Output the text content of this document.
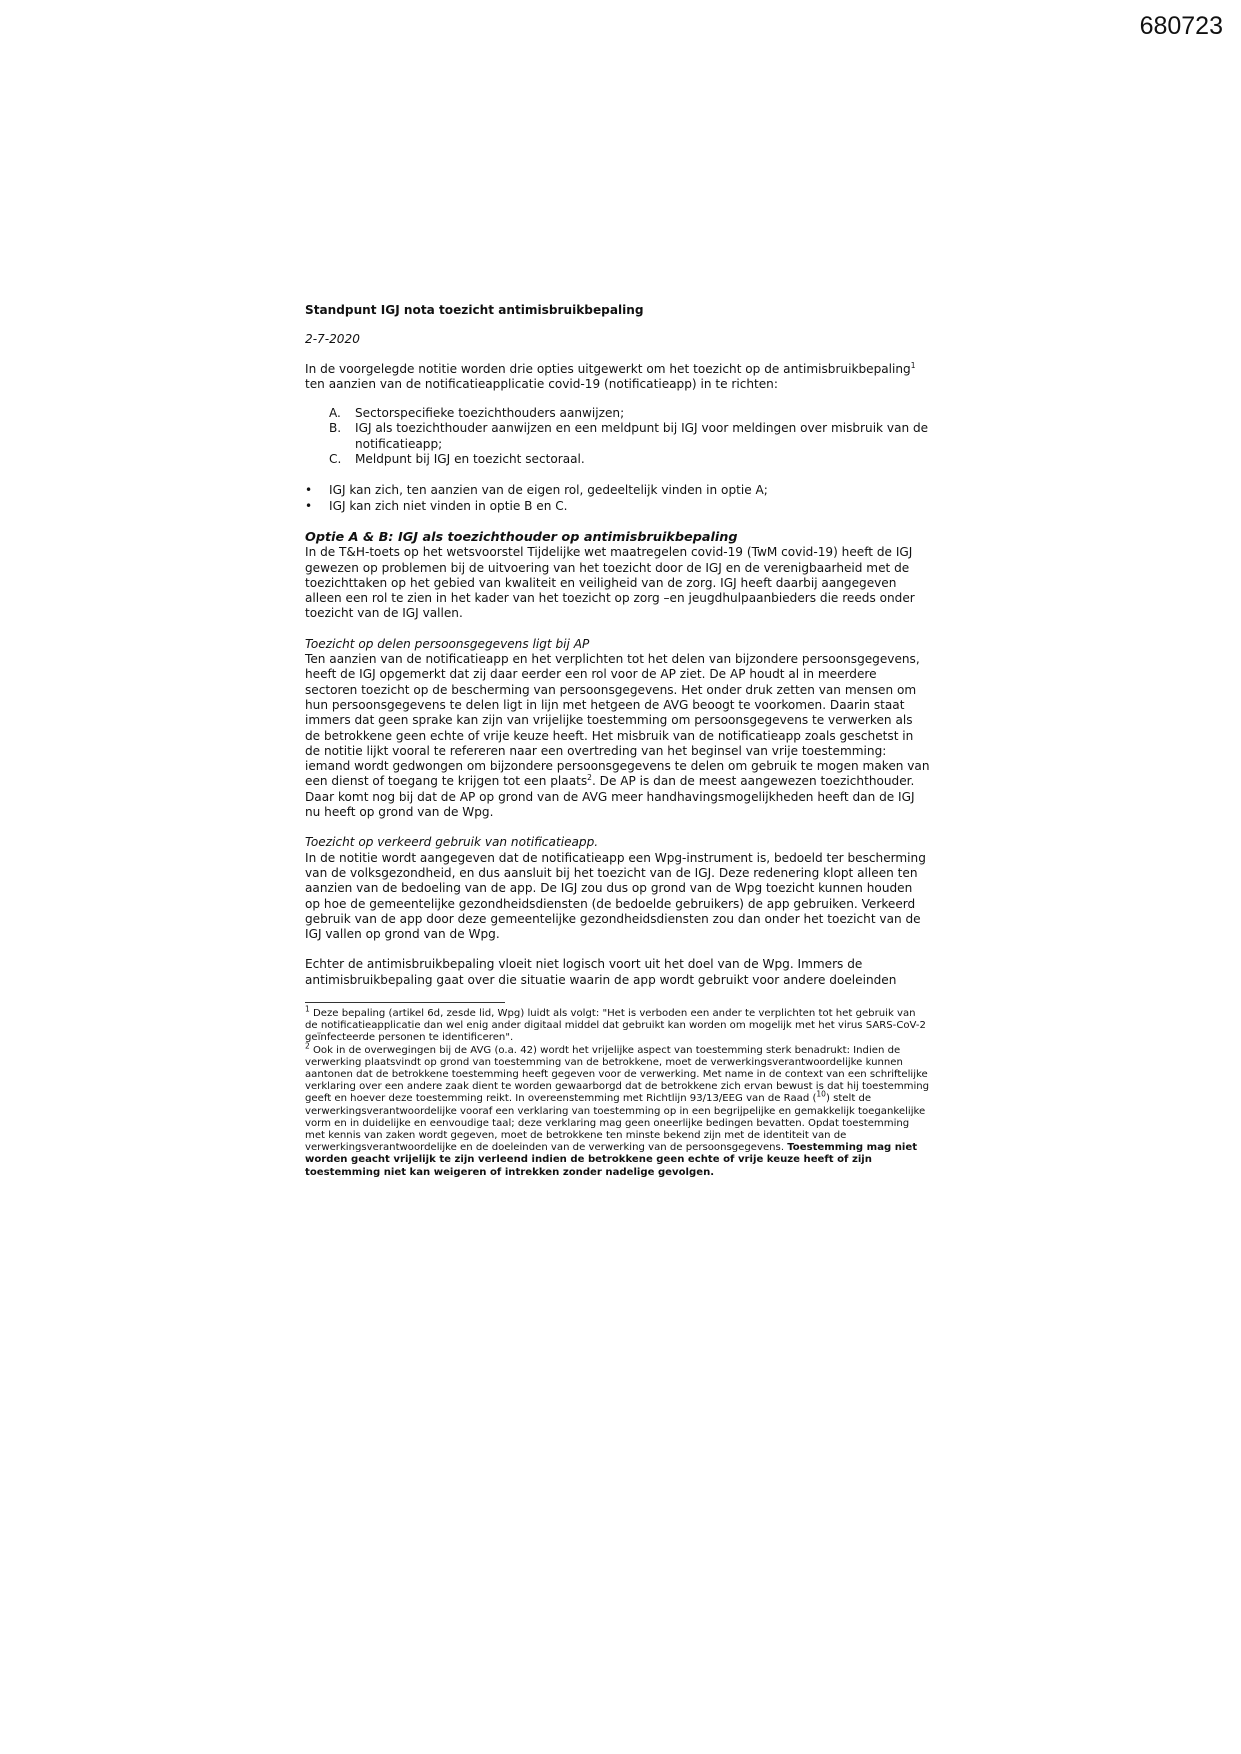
680723

Standpunt IGJ nota toezicht antimisbruikbepaling

2-7-2020

In de voorgelegde notitie worden drie opties uitgewerkt om het toezicht op de antimisbruikbepaling$^1$ ten aanzien van de notificatieapplicatie covid-19 (notificatieapp) in te richten:

A. Sectorspecifieke toezichthouders aanwijzen;
B. IGJ als toezichthouder aanwijzen en een meldpunt bij IGJ voor meldingen over misbruik van de notificatieapp;
C. Meldpunt bij IGJ en toezicht sectoraal.
• IGJ kan zich, ten aanzien van de eigen rol, gedeeltelijk vinden in optie A;
• IGJ kan zich niet vinden in optie B en C.

Optie A & B: IGJ als toezichthouder op antimisbruikbepaling

In de T&H-toets op het wetsvoorstel Tijdelijke wet maatregelen covid-19 (TwM covid-19) heeft de IGJ gewezen op problemen bij de uitvoering van het toezicht door de IGJ en de verenigbaarheid met de toezichttaken op het gebied van kwaliteit en veiligheid van de zorg. IGJ heeft daarbij aangegeven alleen een rol te zien in het kader van het toezicht op zorg –en jeugdhulpaanbieders die reeds onder toezicht van de IGJ vallen.

Toezicht op delen persoonsgegevens ligt bij AP

Ten aanzien van de notificatieapp en het verplichten tot het delen van bijzondere persoonsgegevens, heeft de IGJ opgemerkt dat zij daar eerder een rol voor de AP ziet. De AP houdt al in meerdere sectoren toezicht op de bescherming van persoonsgegevens. Het onder druk zetten van mensen om hun persoonsgegevens te delen ligt in lijn met hetgeen de AVG beoogt te voorkomen. Daarin staat immers dat geen sprake kan zijn van vrijelijke toestemming om persoonsgegevens te verwerken als de betrokkene geen echte of vrije keuze heeft. Het misbruik van de notificatieapp zoals geschetst in de notitie lijkt vooral te refereren naar een overtreding van het beginsel van vrije toestemming: iemand wordt gedwongen om bijzondere persoonsgegevens te delen om gebruik te mogen maken van een dienst of toegang te krijgen tot een plaats$^2$. De AP is dan de meest aangewezen toezichthouder. Daar komt nog bij dat de AP op grond van de AVG meer handhavingsmogelijkheden heeft dan de IGJ nu heeft op grond van de Wpg.

Toezicht op verkeerd gebruik van notificatieapp.

In de notitie wordt aangegeven dat de notificatieapp een Wpg-instrument is, bedoeld ter bescherming van de volksgezondheid, en dus aansluit bij het toezicht van de IGJ. Deze redenering klopt alleen ten aanzien van de bedoeling van de app. De IGJ zou dus op grond van de Wpg toezicht kunnen houden op hoe de gemeentelijke gezondheidsdiensten (de bedoelde gebruikers) de app gebruiken. Verkeerd gebruik van de app door deze gemeentelijke gezondheidsdiensten zou dan onder het toezicht van de IGJ vallen op grond van de Wpg.

Echter de antimisbruikbepaling vloeit niet logisch voort uit het doel van de Wpg. Immers de antimisbruikbepaling gaat over die situatie waarin de app wordt gebruikt voor andere doeleinden

$^1$ Deze bepaling (artikel 6d, zesde lid, Wpg) luidt als volgt: "Het is verboden een ander te verplichten tot het gebruik van de notificatieapplicatie dan wel enig ander digitaal middel dat gebruikt kan worden om mogelijk met het virus SARS-CoV-2 geïnfecteerde personen te identificeren".

$^2$ Ook in de overwegingen bij de AVG (o.a. 42) wordt het vrijelijke aspect van toestemming sterk benadrukt: Indien de verwerking plaatsvindt op grond van toestemming van de betrokkene, moet de verwerkingsverantwoordelijke kunnen aantonen dat de betrokkene toestemming heeft gegeven voor de verwerking. Met name in de context van een schriftelijke verklaring over een andere zaak dient te worden gewaarborgd dat de betrokkene zich ervan bewust is dat hij toestemming geeft en hoever deze toestemming reikt. In overeenstemming met Richtlijn 93/13/EEG van de Raad ($^{10}$) stelt de verwerkingsverantwoordelijke vooraf een verklaring van toestemming op in een begrijpelijke en gemakkelijk toegankelijke vorm en in duidelijke en eenvoudige taal; deze verklaring mag geen oneerlijke bedingen bevatten. Opdat toestemming met kennis van zaken wordt gegeven, moet de betrokkene ten minste bekend zijn met de identiteit van de verwerkingsverantwoordelijke en de doeleinden van de verwerking van de persoonsgegevens. Toestemming mag niet worden geacht vrijelijk te zijn verleend indien de betrokkene geen echte of vrije keuze heeft of zijn toestemming niet kan weigeren of intrekken zonder nadelige gevolgen.
